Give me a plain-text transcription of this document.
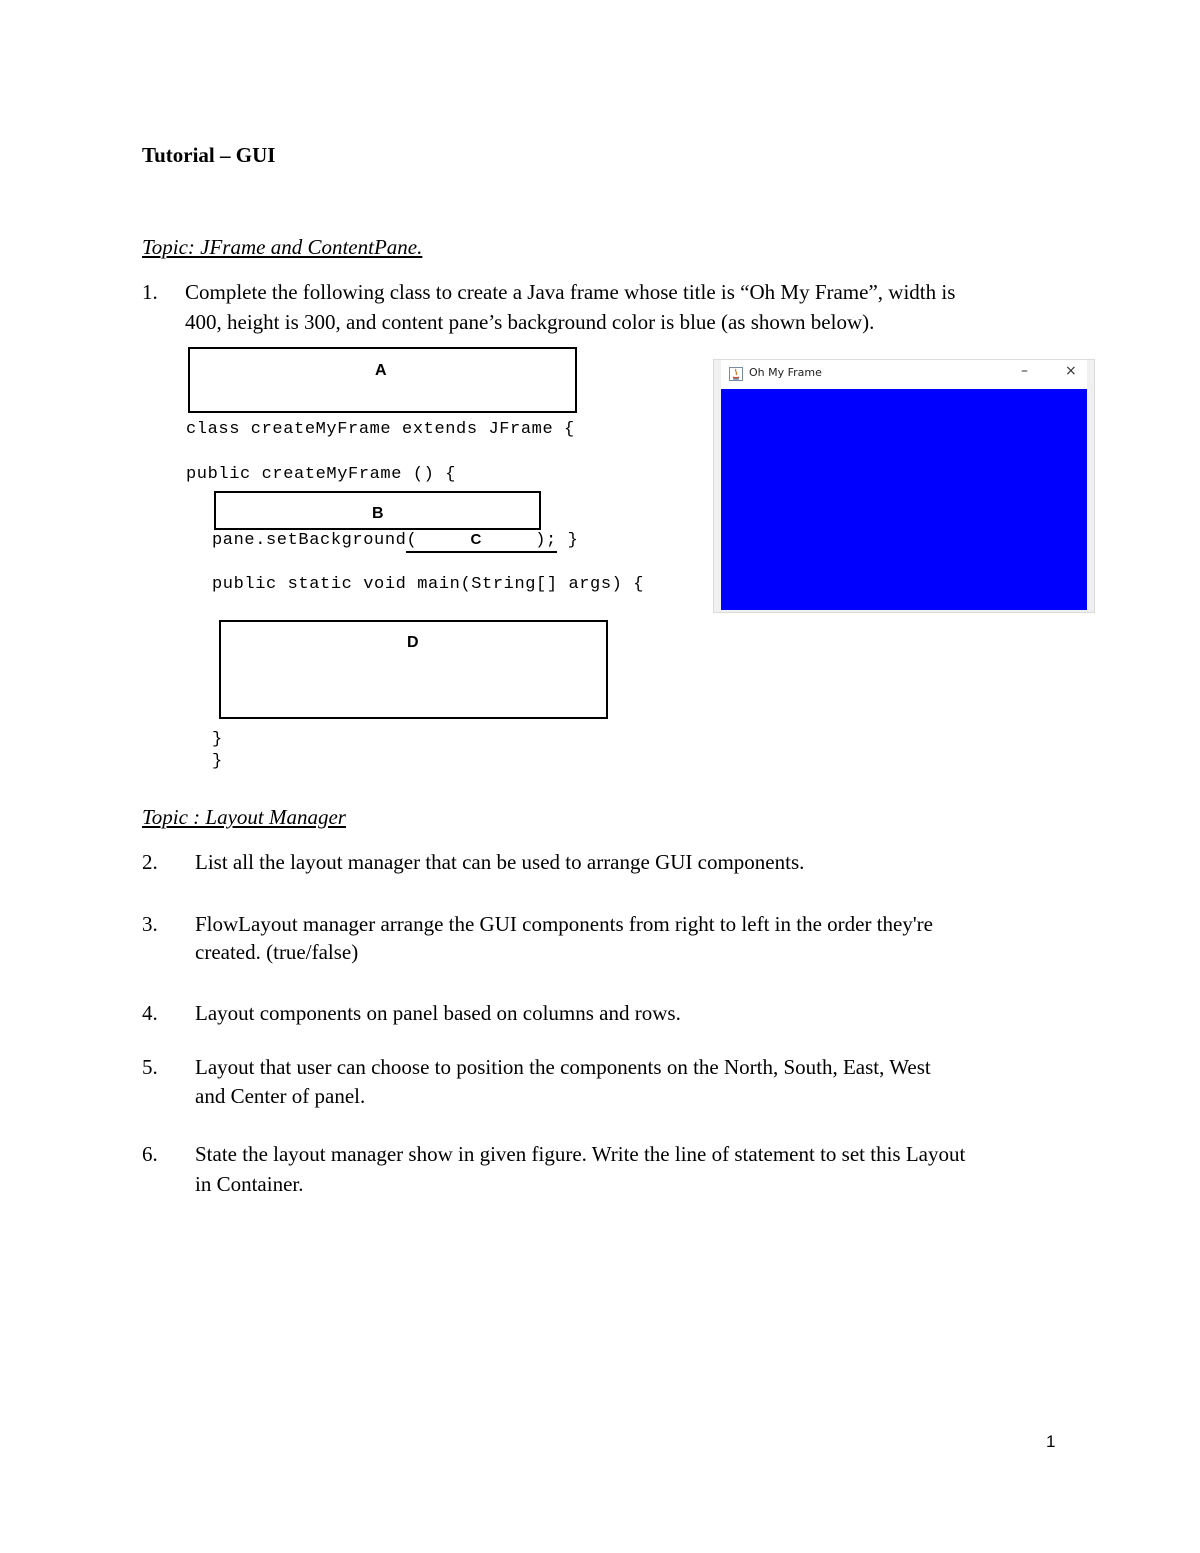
Tutorial – GUI
Topic: JFrame and ContentPane.
1. Complete the following class to create a Java frame whose title is “Oh My Frame”, width is
400, height is 300, and content pane’s background color is blue (as shown below).
A
class createMyFrame extends JFrame {
public createMyFrame () {
B
pane.setBackground(	C	); }
public static void main(String[] args) {
D
}
}
Oh My Frame	–	×
Topic : Layout Manager
2. List all the layout manager that can be used to arrange GUI components.
3. FlowLayout manager arrange the GUI components from right to left in the order they're
created. (true/false)
4. Layout components on panel based on columns and rows.
5. Layout that user can choose to position the components on the North, South, East, West
and Center of panel.
6. State the layout manager show in given figure. Write the line of statement to set this Layout
in Container.
1
